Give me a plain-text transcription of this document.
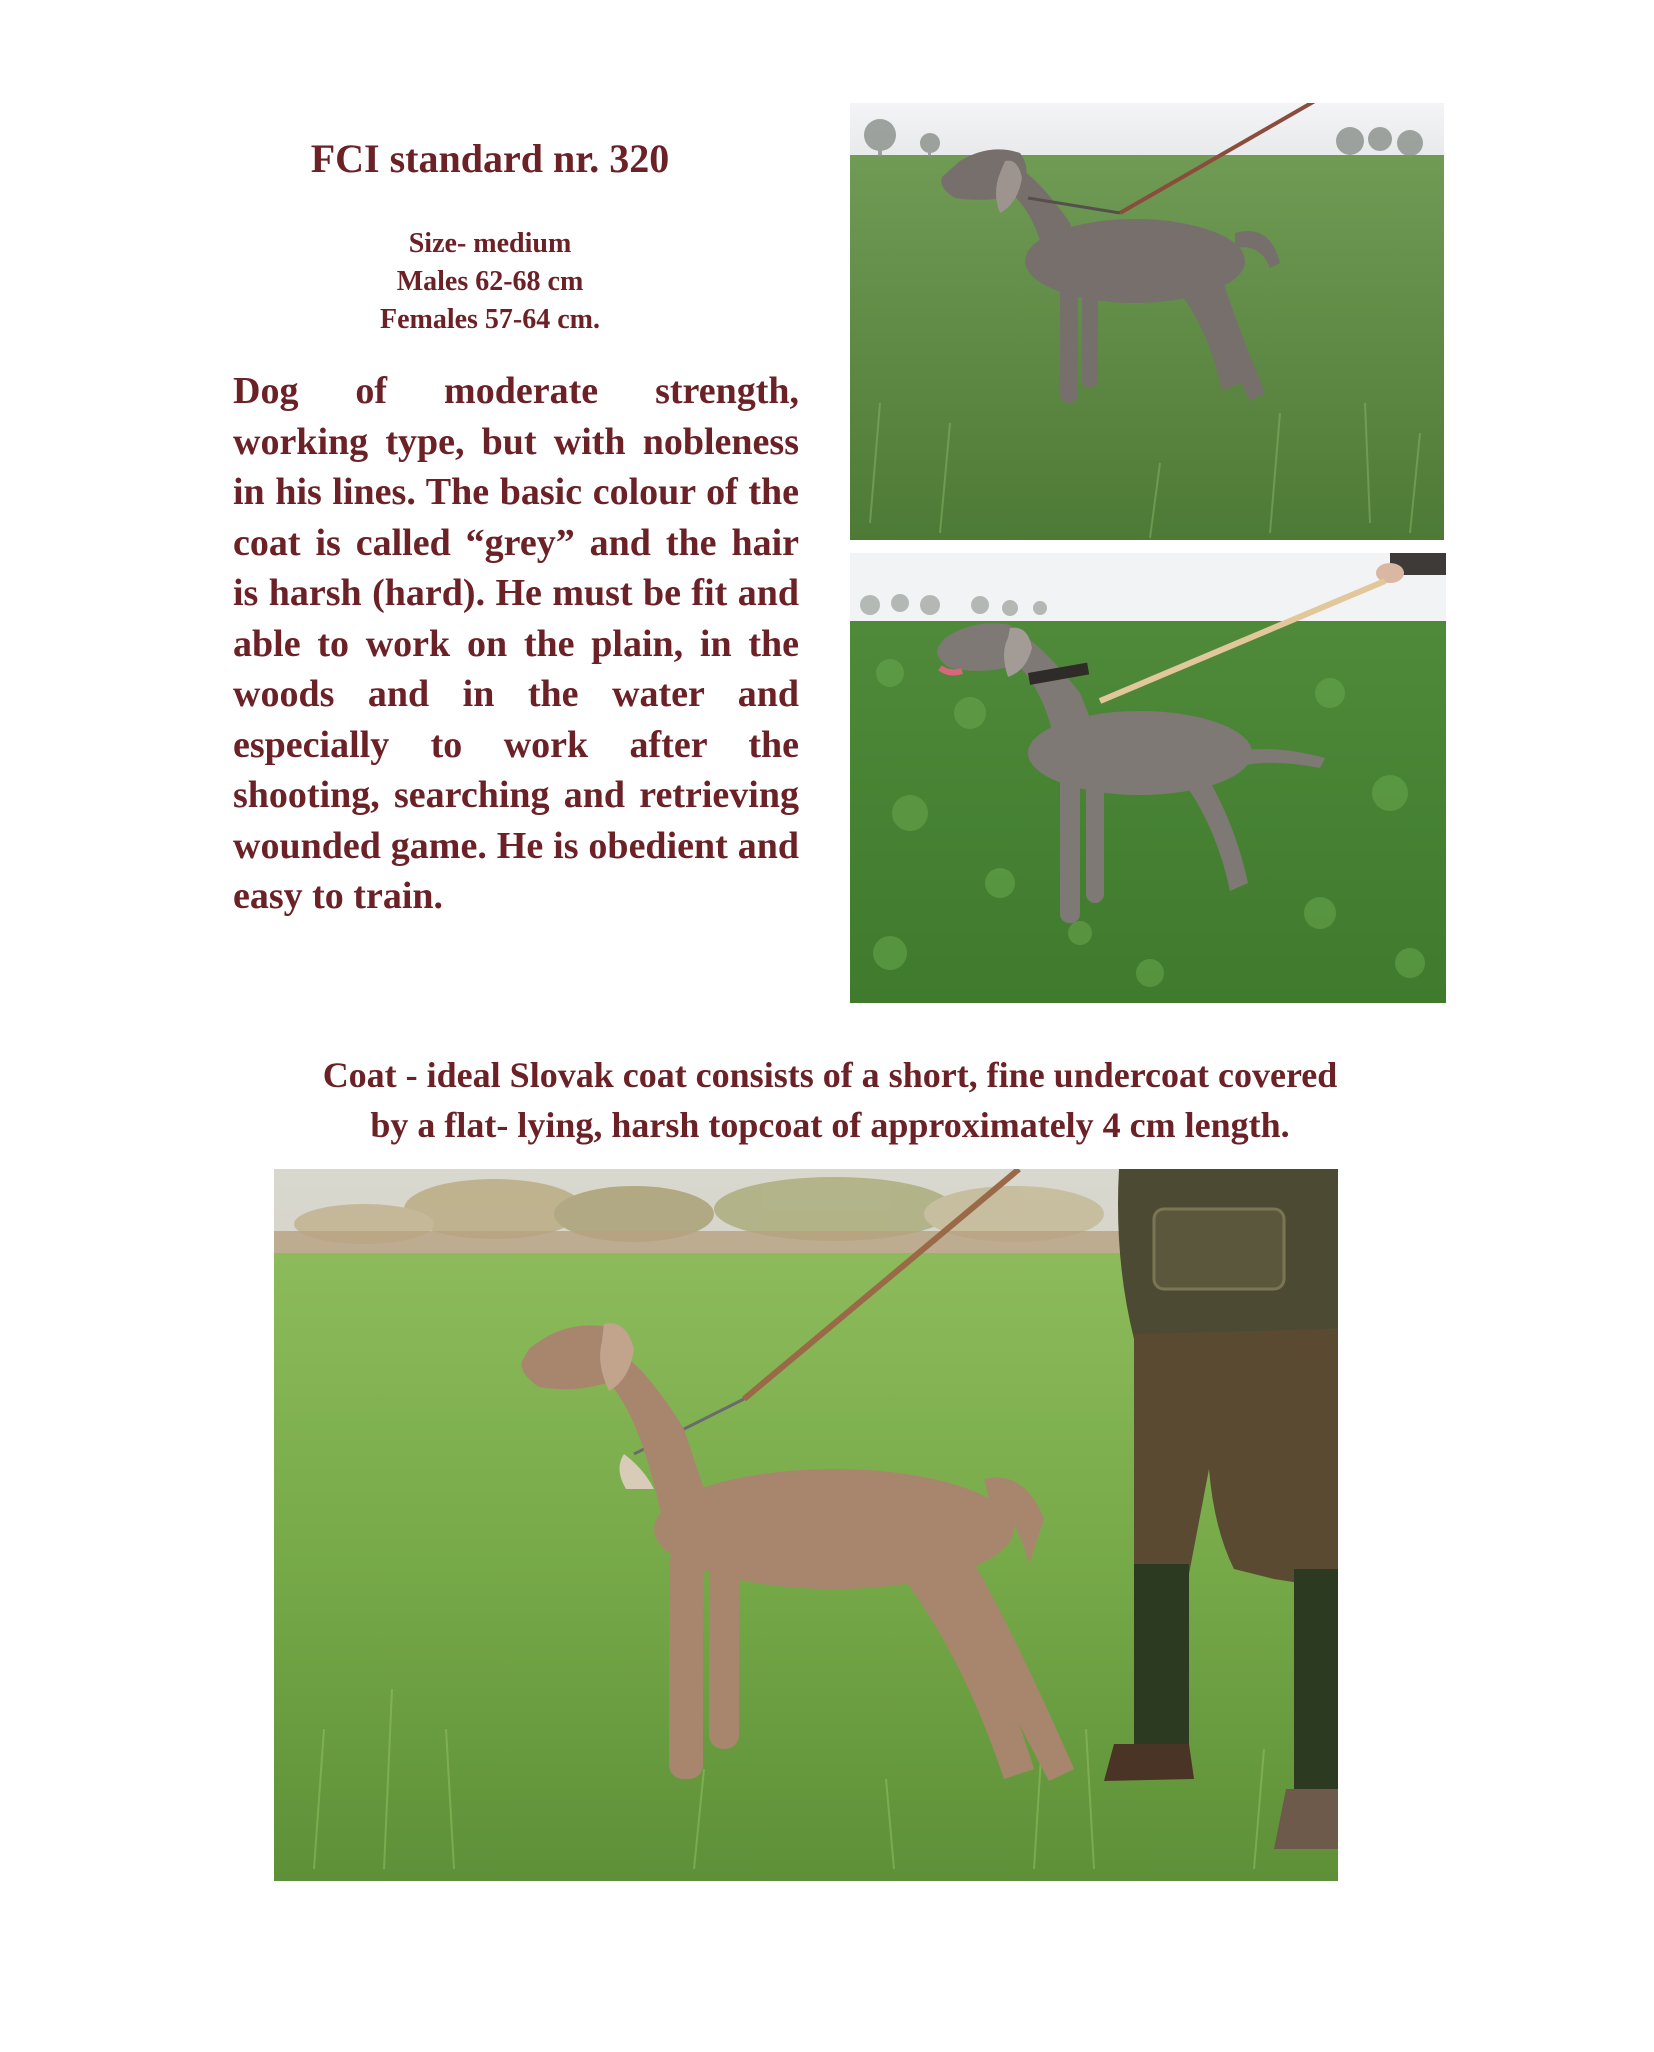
FCI standard nr. 320
Size- medium
Males 62-68 cm
Females 57-64 cm.

Dog of moderate strength, working type, but with nobleness in his lines. The basic colour of the coat is called “grey” and the hair is harsh (hard). He must be fit and able to work on the plain, in the woods and in the water and especially to work after the shooting, searching and retrieving wounded game. He is obedient and easy to train.

Coat - ideal Slovak coat consists of a short, fine undercoat covered
by a flat- lying, harsh topcoat of approximately 4 cm length.
